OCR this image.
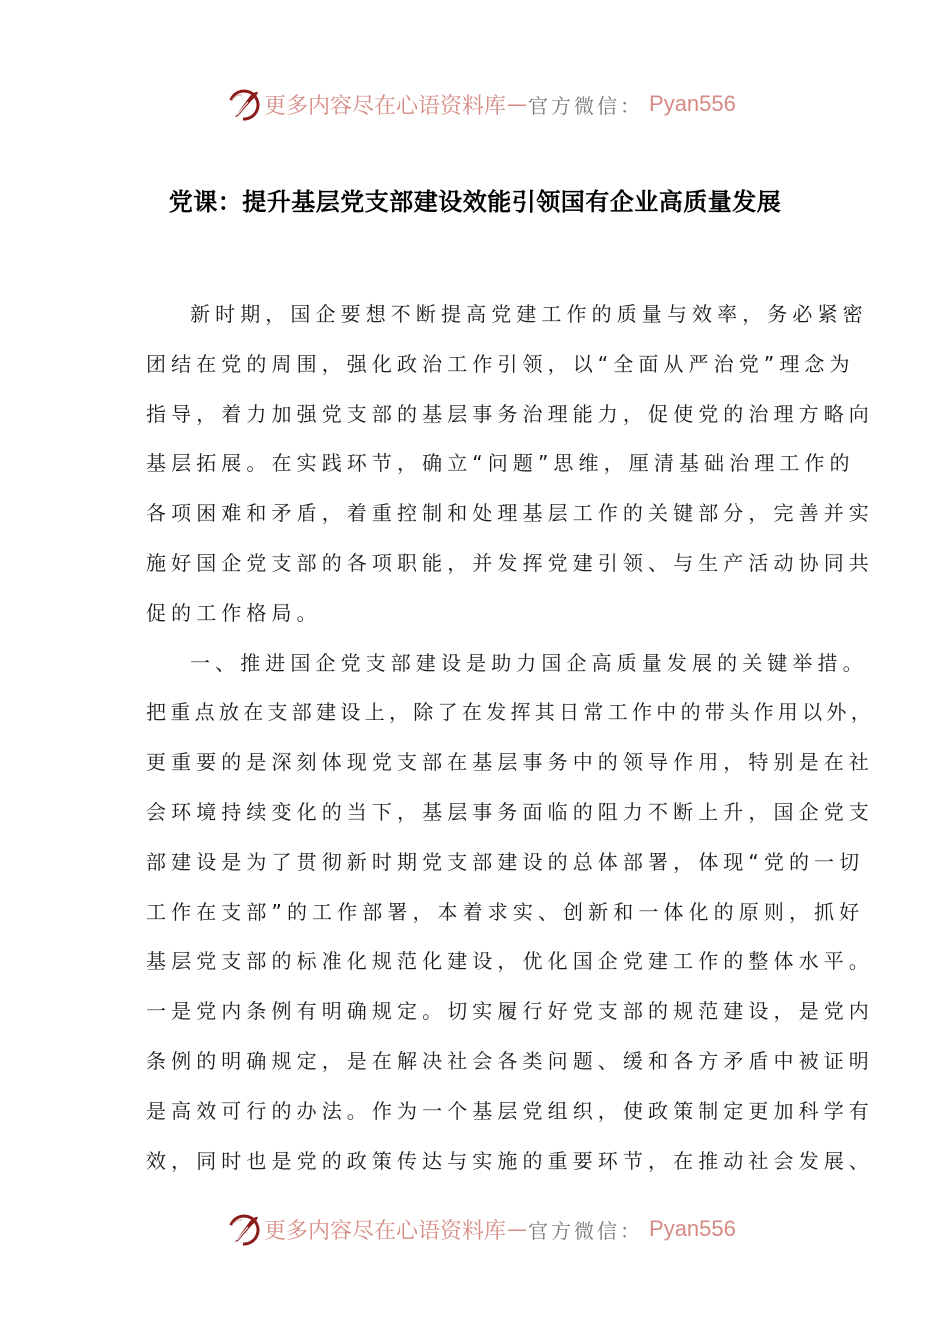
更多内容尽在心语资料库 — 官方微信： Pyan556
党课：提升基层党支部建设效能引领国有企业高质量发展
新时期，国企要想不断提高党建工作的质量与效率，务必紧密
团结在党的周围，强化政治工作引领，以“全面从严治党”理念为
指导，着力加强党支部的基层事务治理能力，促使党的治理方略向
基层拓展。在实践环节，确立“问题”思维，厘清基础治理工作的
各项困难和矛盾，着重控制和处理基层工作的关键部分，完善并实
施好国企党支部的各项职能，并发挥党建引领、与生产活动协同共
促的工作格局。
一、推进国企党支部建设是助力国企高质量发展的关键举措。
把重点放在支部建设上，除了在发挥其日常工作中的带头作用以外，
更重要的是深刻体现党支部在基层事务中的领导作用，特别是在社
会环境持续变化的当下，基层事务面临的阻力不断上升，国企党支
部建设是为了贯彻新时期党支部建设的总体部署，体现“党的一切
工作在支部”的工作部署，本着求实、创新和一体化的原则，抓好
基层党支部的标准化规范化建设，优化国企党建工作的整体水平。
一是党内条例有明确规定。切实履行好党支部的规范建设，是党内
条例的明确规定，是在解决社会各类问题、缓和各方矛盾中被证明
是高效可行的办法。作为一个基层党组织，使政策制定更加科学有
效，同时也是党的政策传达与实施的重要环节，在推动社会发展、
更多内容尽在心语资料库 — 官方微信： Pyan556
